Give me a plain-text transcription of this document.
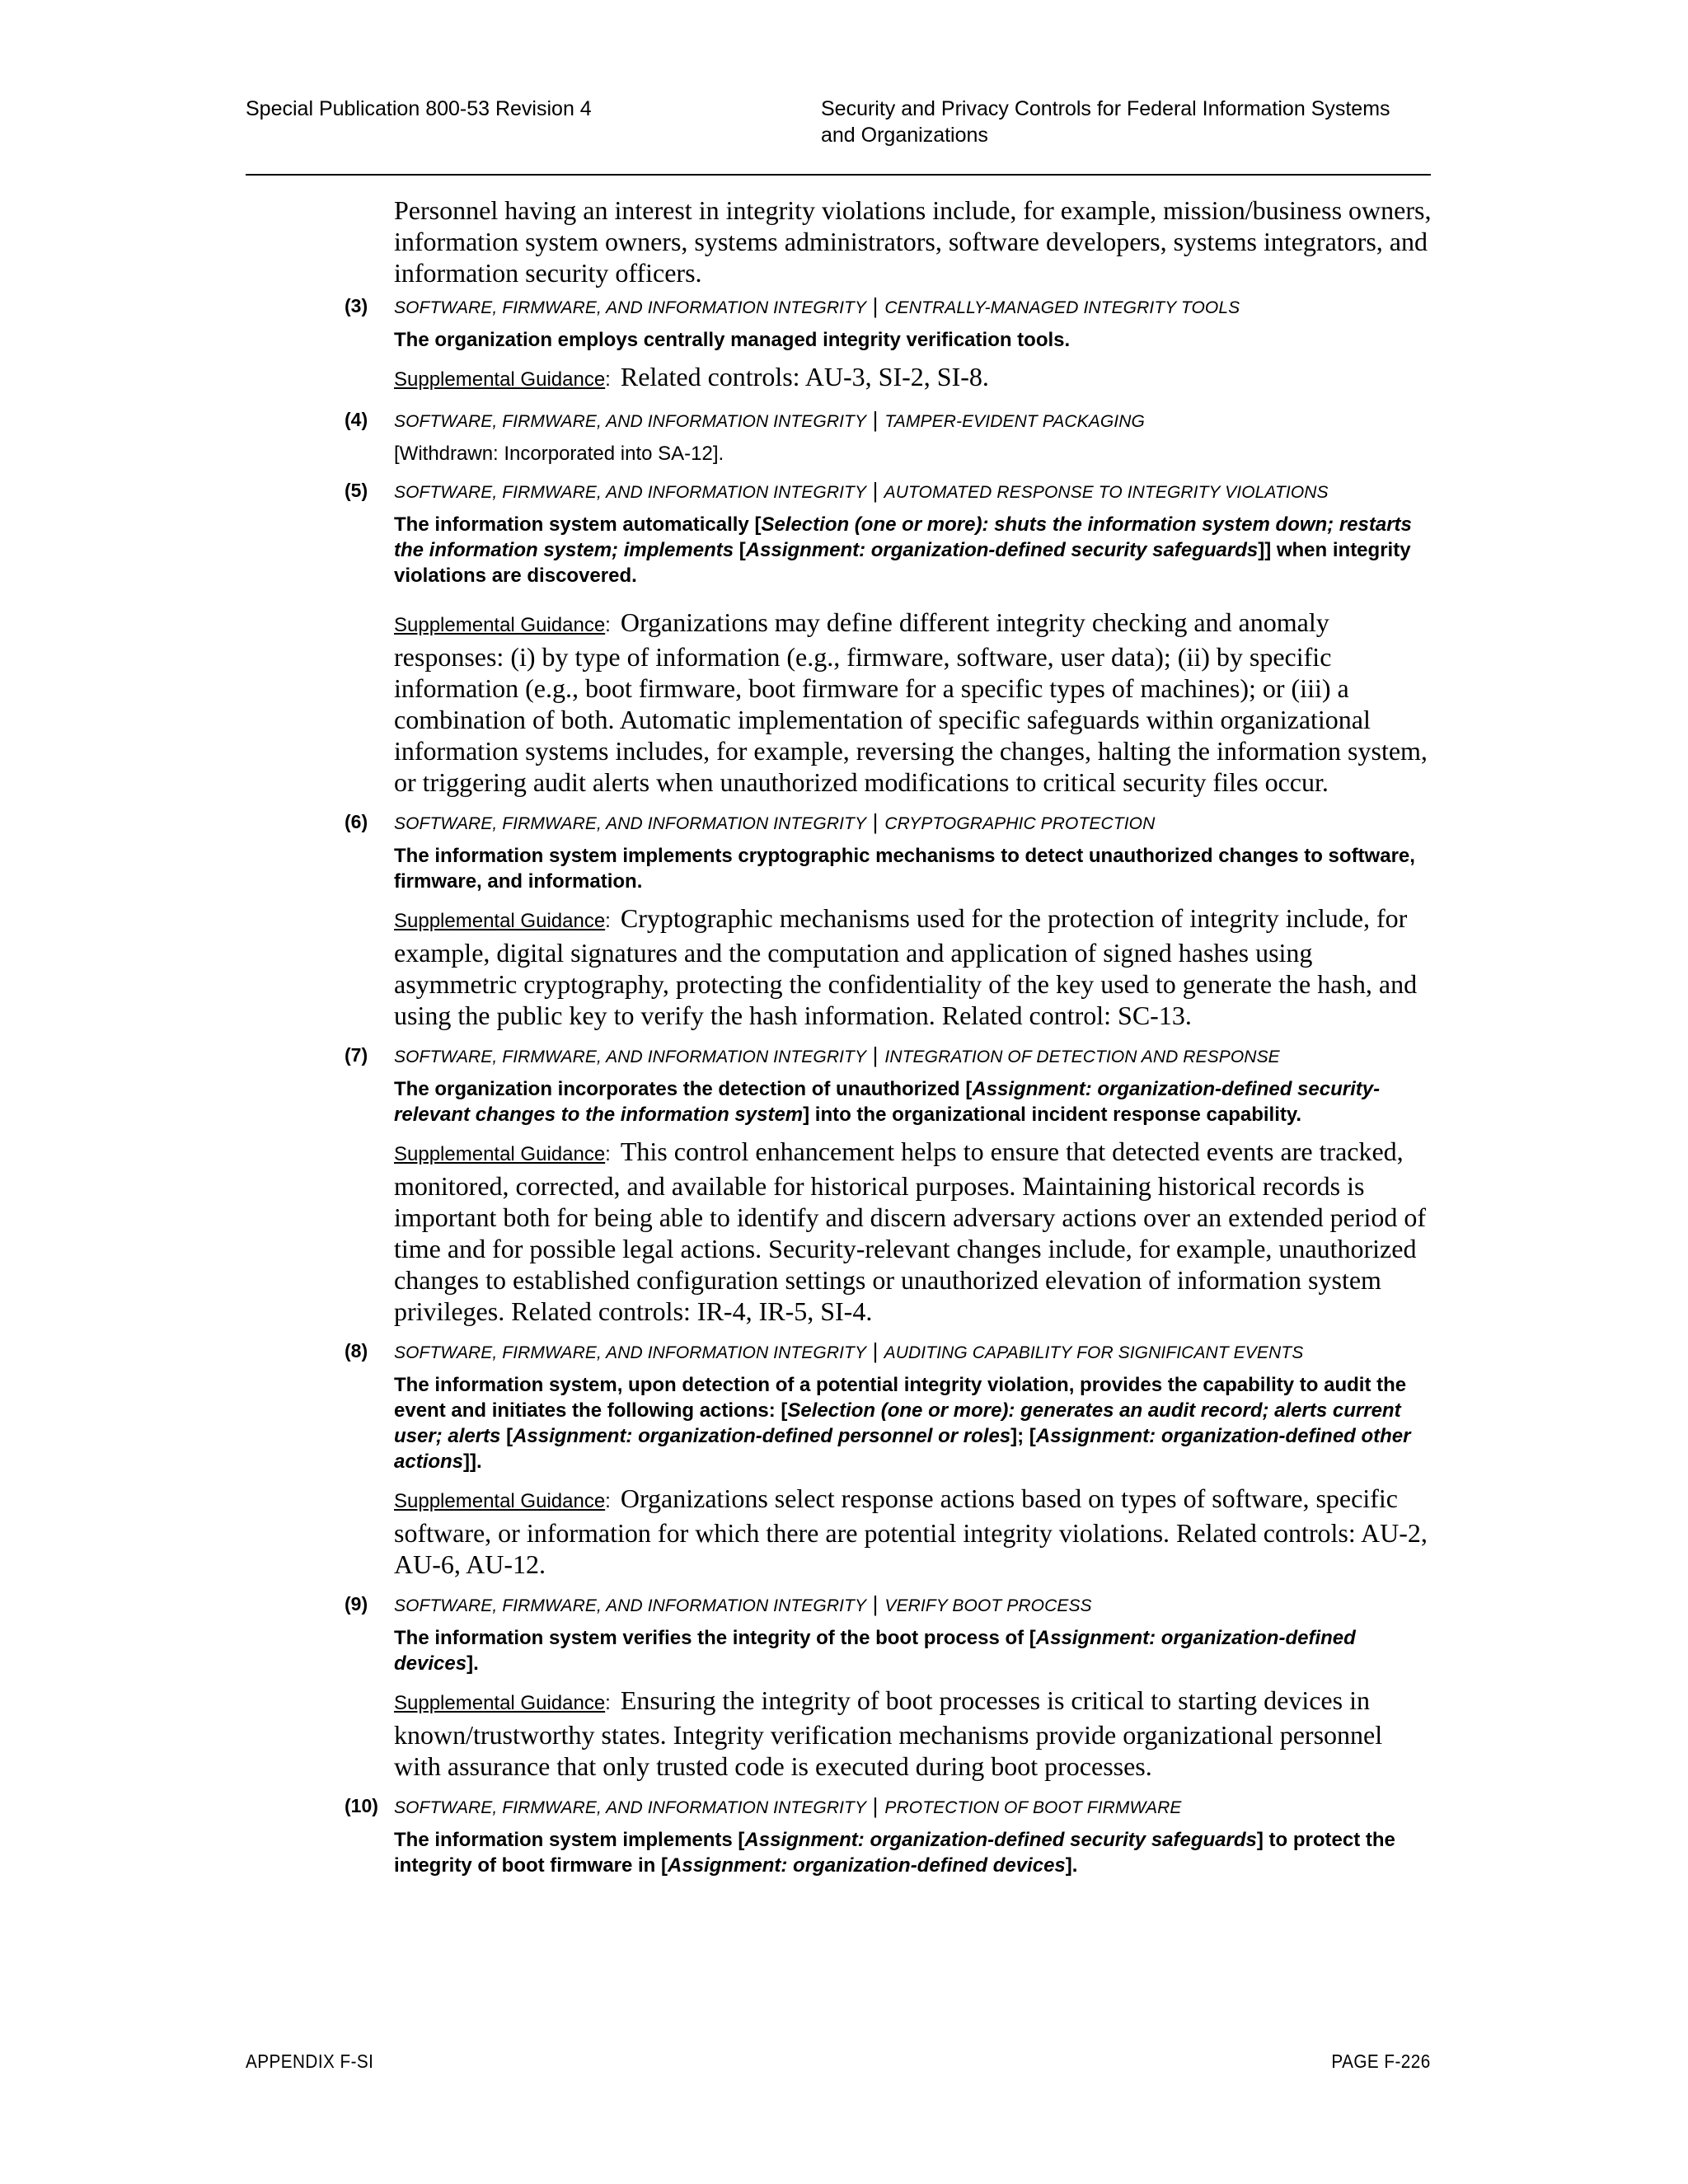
Special Publication 800-53 Revision 4	Security and Privacy Controls for Federal Information Systems
and Organizations

Personnel having an interest in integrity violations include, for example, mission/business owners, information system owners, systems administrators, software developers, systems integrators, and information security officers.

(3) SOFTWARE, FIRMWARE, AND INFORMATION INTEGRITY | CENTRALLY-MANAGED INTEGRITY TOOLS
The organization employs centrally managed integrity verification tools.
Supplemental Guidance: Related controls: AU-3, SI-2, SI-8.
(4) SOFTWARE, FIRMWARE, AND INFORMATION INTEGRITY | TAMPER-EVIDENT PACKAGING
[Withdrawn: Incorporated into SA-12].
(5) SOFTWARE, FIRMWARE, AND INFORMATION INTEGRITY | AUTOMATED RESPONSE TO INTEGRITY VIOLATIONS
The information system automatically [Selection (one or more): shuts the information system down; restarts the information system; implements [Assignment: organization-defined security safeguards]] when integrity violations are discovered.
Supplemental Guidance: Organizations may define different integrity checking and anomaly responses: (i) by type of information (e.g., firmware, software, user data); (ii) by specific information (e.g., boot firmware, boot firmware for a specific types of machines); or (iii) a combination of both. Automatic implementation of specific safeguards within organizational information systems includes, for example, reversing the changes, halting the information system, or triggering audit alerts when unauthorized modifications to critical security files occur.
(6) SOFTWARE, FIRMWARE, AND INFORMATION INTEGRITY | CRYPTOGRAPHIC PROTECTION
The information system implements cryptographic mechanisms to detect unauthorized changes to software, firmware, and information.
Supplemental Guidance: Cryptographic mechanisms used for the protection of integrity include, for example, digital signatures and the computation and application of signed hashes using asymmetric cryptography, protecting the confidentiality of the key used to generate the hash, and using the public key to verify the hash information. Related control: SC-13.
(7) SOFTWARE, FIRMWARE, AND INFORMATION INTEGRITY | INTEGRATION OF DETECTION AND RESPONSE
The organization incorporates the detection of unauthorized [Assignment: organization-defined security-relevant changes to the information system] into the organizational incident response capability.
Supplemental Guidance: This control enhancement helps to ensure that detected events are tracked, monitored, corrected, and available for historical purposes. Maintaining historical records is important both for being able to identify and discern adversary actions over an extended period of time and for possible legal actions. Security-relevant changes include, for example, unauthorized changes to established configuration settings or unauthorized elevation of information system privileges. Related controls: IR-4, IR-5, SI-4.
(8) SOFTWARE, FIRMWARE, AND INFORMATION INTEGRITY | AUDITING CAPABILITY FOR SIGNIFICANT EVENTS
The information system, upon detection of a potential integrity violation, provides the capability to audit the event and initiates the following actions: [Selection (one or more): generates an audit record; alerts current user; alerts [Assignment: organization-defined personnel or roles]; [Assignment: organization-defined other actions]].
Supplemental Guidance: Organizations select response actions based on types of software, specific software, or information for which there are potential integrity violations. Related controls: AU-2, AU-6, AU-12.
(9) SOFTWARE, FIRMWARE, AND INFORMATION INTEGRITY | VERIFY BOOT PROCESS
The information system verifies the integrity of the boot process of [Assignment: organization-defined devices].
Supplemental Guidance: Ensuring the integrity of boot processes is critical to starting devices in known/trustworthy states. Integrity verification mechanisms provide organizational personnel with assurance that only trusted code is executed during boot processes.
(10) SOFTWARE, FIRMWARE, AND INFORMATION INTEGRITY | PROTECTION OF BOOT FIRMWARE
The information system implements [Assignment: organization-defined security safeguards] to protect the integrity of boot firmware in [Assignment: organization-defined devices].
APPENDIX F-SI	PAGE F-226
